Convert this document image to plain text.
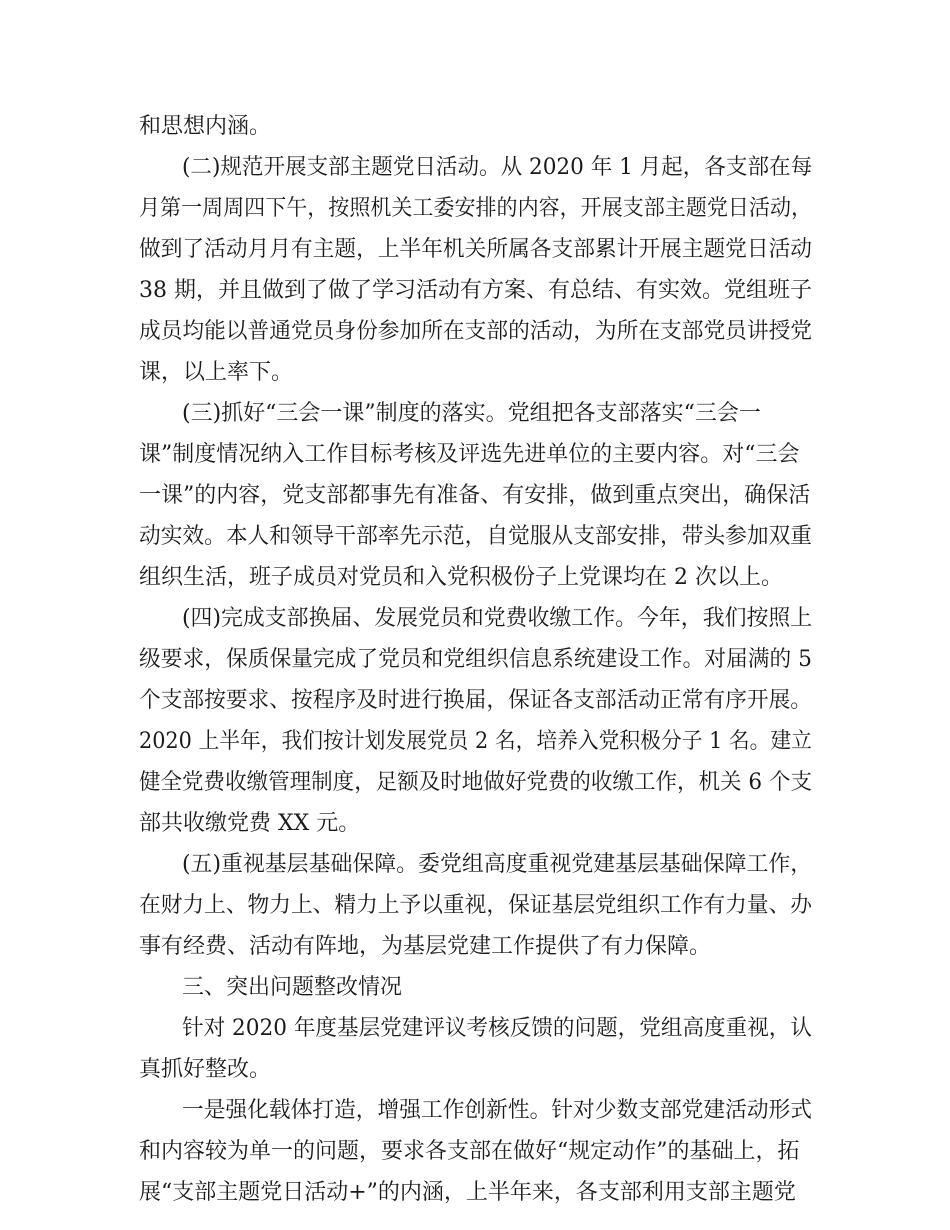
和思想内涵。
(二)规范开展支部主题党日活动。从 2020 年 1 月起，各支部在每
月第一周周四下午，按照机关工委安排的内容，开展支部主题党日活动，
做到了活动月月有主题，上半年机关所属各支部累计开展主题党日活动
38 期，并且做到了做了学习活动有方案、有总结、有实效。党组班子
成员均能以普通党员身份参加所在支部的活动，为所在支部党员讲授党
课，以上率下。
(三)抓好“三会一课”制度的落实。党组把各支部落实“三会一
课”制度情况纳入工作目标考核及评选先进单位的主要内容。对“三会
一课”的内容，党支部都事先有准备、有安排，做到重点突出，确保活
动实效。本人和领导干部率先示范，自觉服从支部安排，带头参加双重
组织生活，班子成员对党员和入党积极份子上党课均在 2 次以上。
(四)完成支部换届、发展党员和党费收缴工作。今年，我们按照上
级要求，保质保量完成了党员和党组织信息系统建设工作。对届满的 5
个支部按要求、按程序及时进行换届，保证各支部活动正常有序开展。
2020 上半年，我们按计划发展党员 2 名，培养入党积极分子 1 名。建立
健全党费收缴管理制度，足额及时地做好党费的收缴工作，机关 6 个支
部共收缴党费 XX 元。
(五)重视基层基础保障。委党组高度重视党建基层基础保障工作，
在财力上、物力上、精力上予以重视，保证基层党组织工作有力量、办
事有经费、活动有阵地，为基层党建工作提供了有力保障。
三、突出问题整改情况
针对 2020 年度基层党建评议考核反馈的问题，党组高度重视，认
真抓好整改。
一是强化载体打造，增强工作创新性。针对少数支部党建活动形式
和内容较为单一的问题，要求各支部在做好“规定动作”的基础上，拓
展“支部主题党日活动+”的内涵，上半年来，各支部利用支部主题党
